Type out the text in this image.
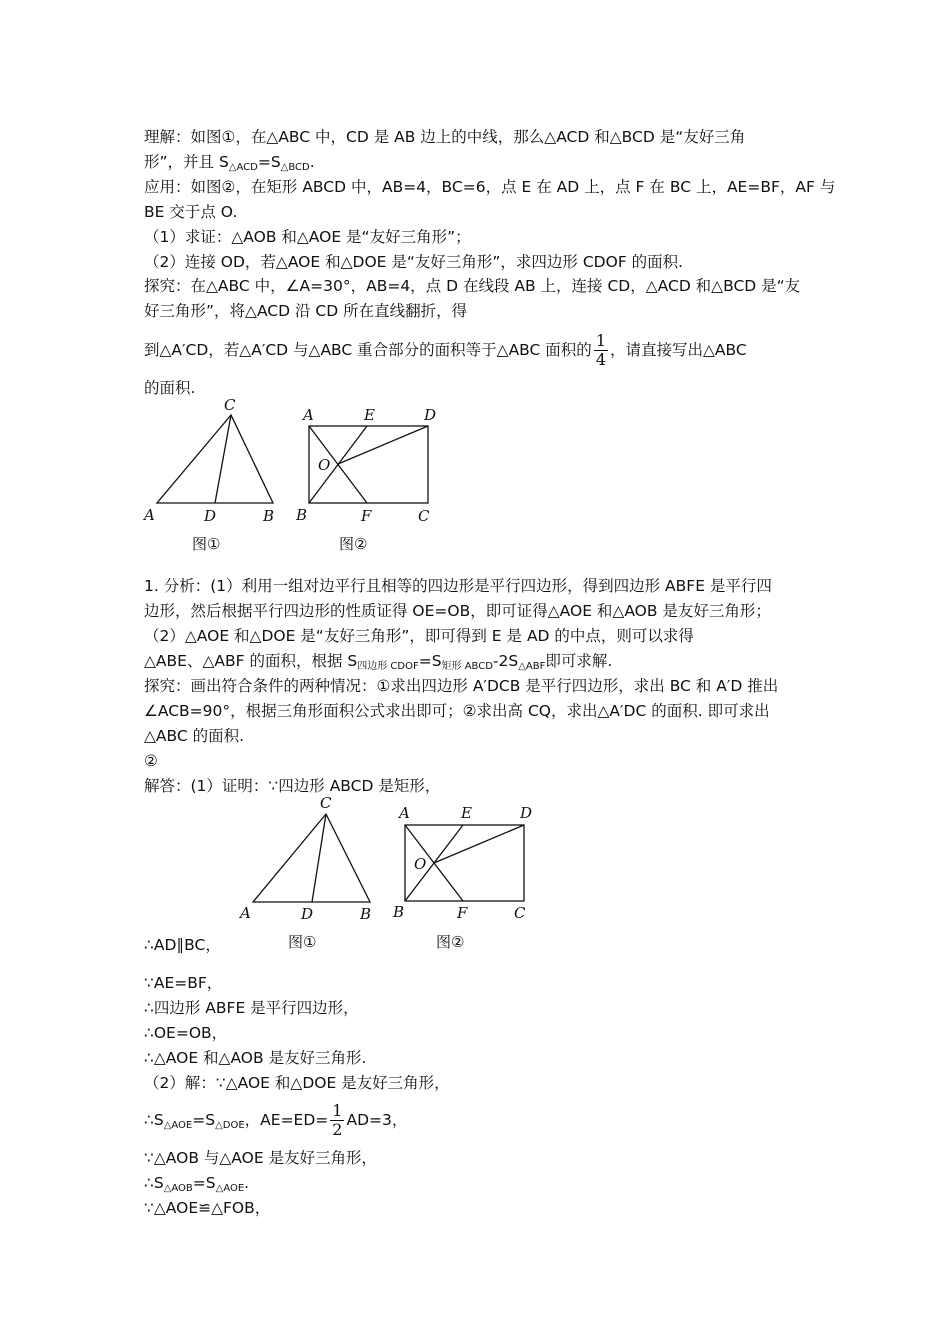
理解：如图①，在△ABC 中，CD 是 AB 边上的中线，那么△ACD 和△BCD 是“友好三角
形”，并且 S△ACD=S△BCD.
应用：如图②，在矩形 ABCD 中，AB=4，BC=6，点 E 在 AD 上，点 F 在 BC 上，AE=BF，AF 与
BE 交于点 O.
（1）求证：△AOB 和△AOE 是“友好三角形”；
（2）连接 OD，若△AOE 和△DOE 是“友好三角形”，求四边形 CDOF 的面积.
探究：在△ABC 中，∠A=30°，AB=4，点 D 在线段 AB 上，连接 CD，△ACD 和△BCD 是“友
好三角形”，将△ACD 沿 CD 所在直线翻折，得
到△A′CD，若△A′CD 与△ABC 重合部分的面积等于△ABC 面积的 $\frac{1}{4}$ ，请直接写出△ABC
的面积.
C
A	D	B
图①
A	E	D
O
B	F	C
图②
1. 分析：(1）利用一组对边平行且相等的四边形是平行四边形，得到四边形 ABFE 是平行四
边形，然后根据平行四边形的性质证得 OE=OB，即可证得△AOE 和△AOB 是友好三角形；
（2）△AOE 和△DOE 是“友好三角形”，即可得到 E 是 AD 的中点，则可以求得
△ABE、△ABF 的面积，根据 S四边形 CDOF=S矩形 ABCD-2S△ABF即可求解.
探究：画出符合条件的两种情况：①求出四边形 A′DCB 是平行四边形，求出 BC 和 A′D 推出
∠ACB=90°，根据三角形面积公式求出即可；②求出高 CQ，求出△A′DC 的面积. 即可求出
△ABC 的面积.
②
解答：(1）证明：∵四边形 ABCD 是矩形，
C
A	D	B
图①
A	E	D
O
B	F	C
图②
∴AD∥BC，
∵AE=BF，
∴四边形 ABFE 是平行四边形，
∴OE=OB，
∴△AOE 和△AOB 是友好三角形.
（2）解：∵△AOE 和△DOE 是友好三角形，
∴S△AOE=S△DOE，$AE=ED= \frac{1}{2} AD=3$，
∵△AOB 与△AOE 是友好三角形，
∴S△AOB=S△AOE.
∵△AOE≌△FOB，
